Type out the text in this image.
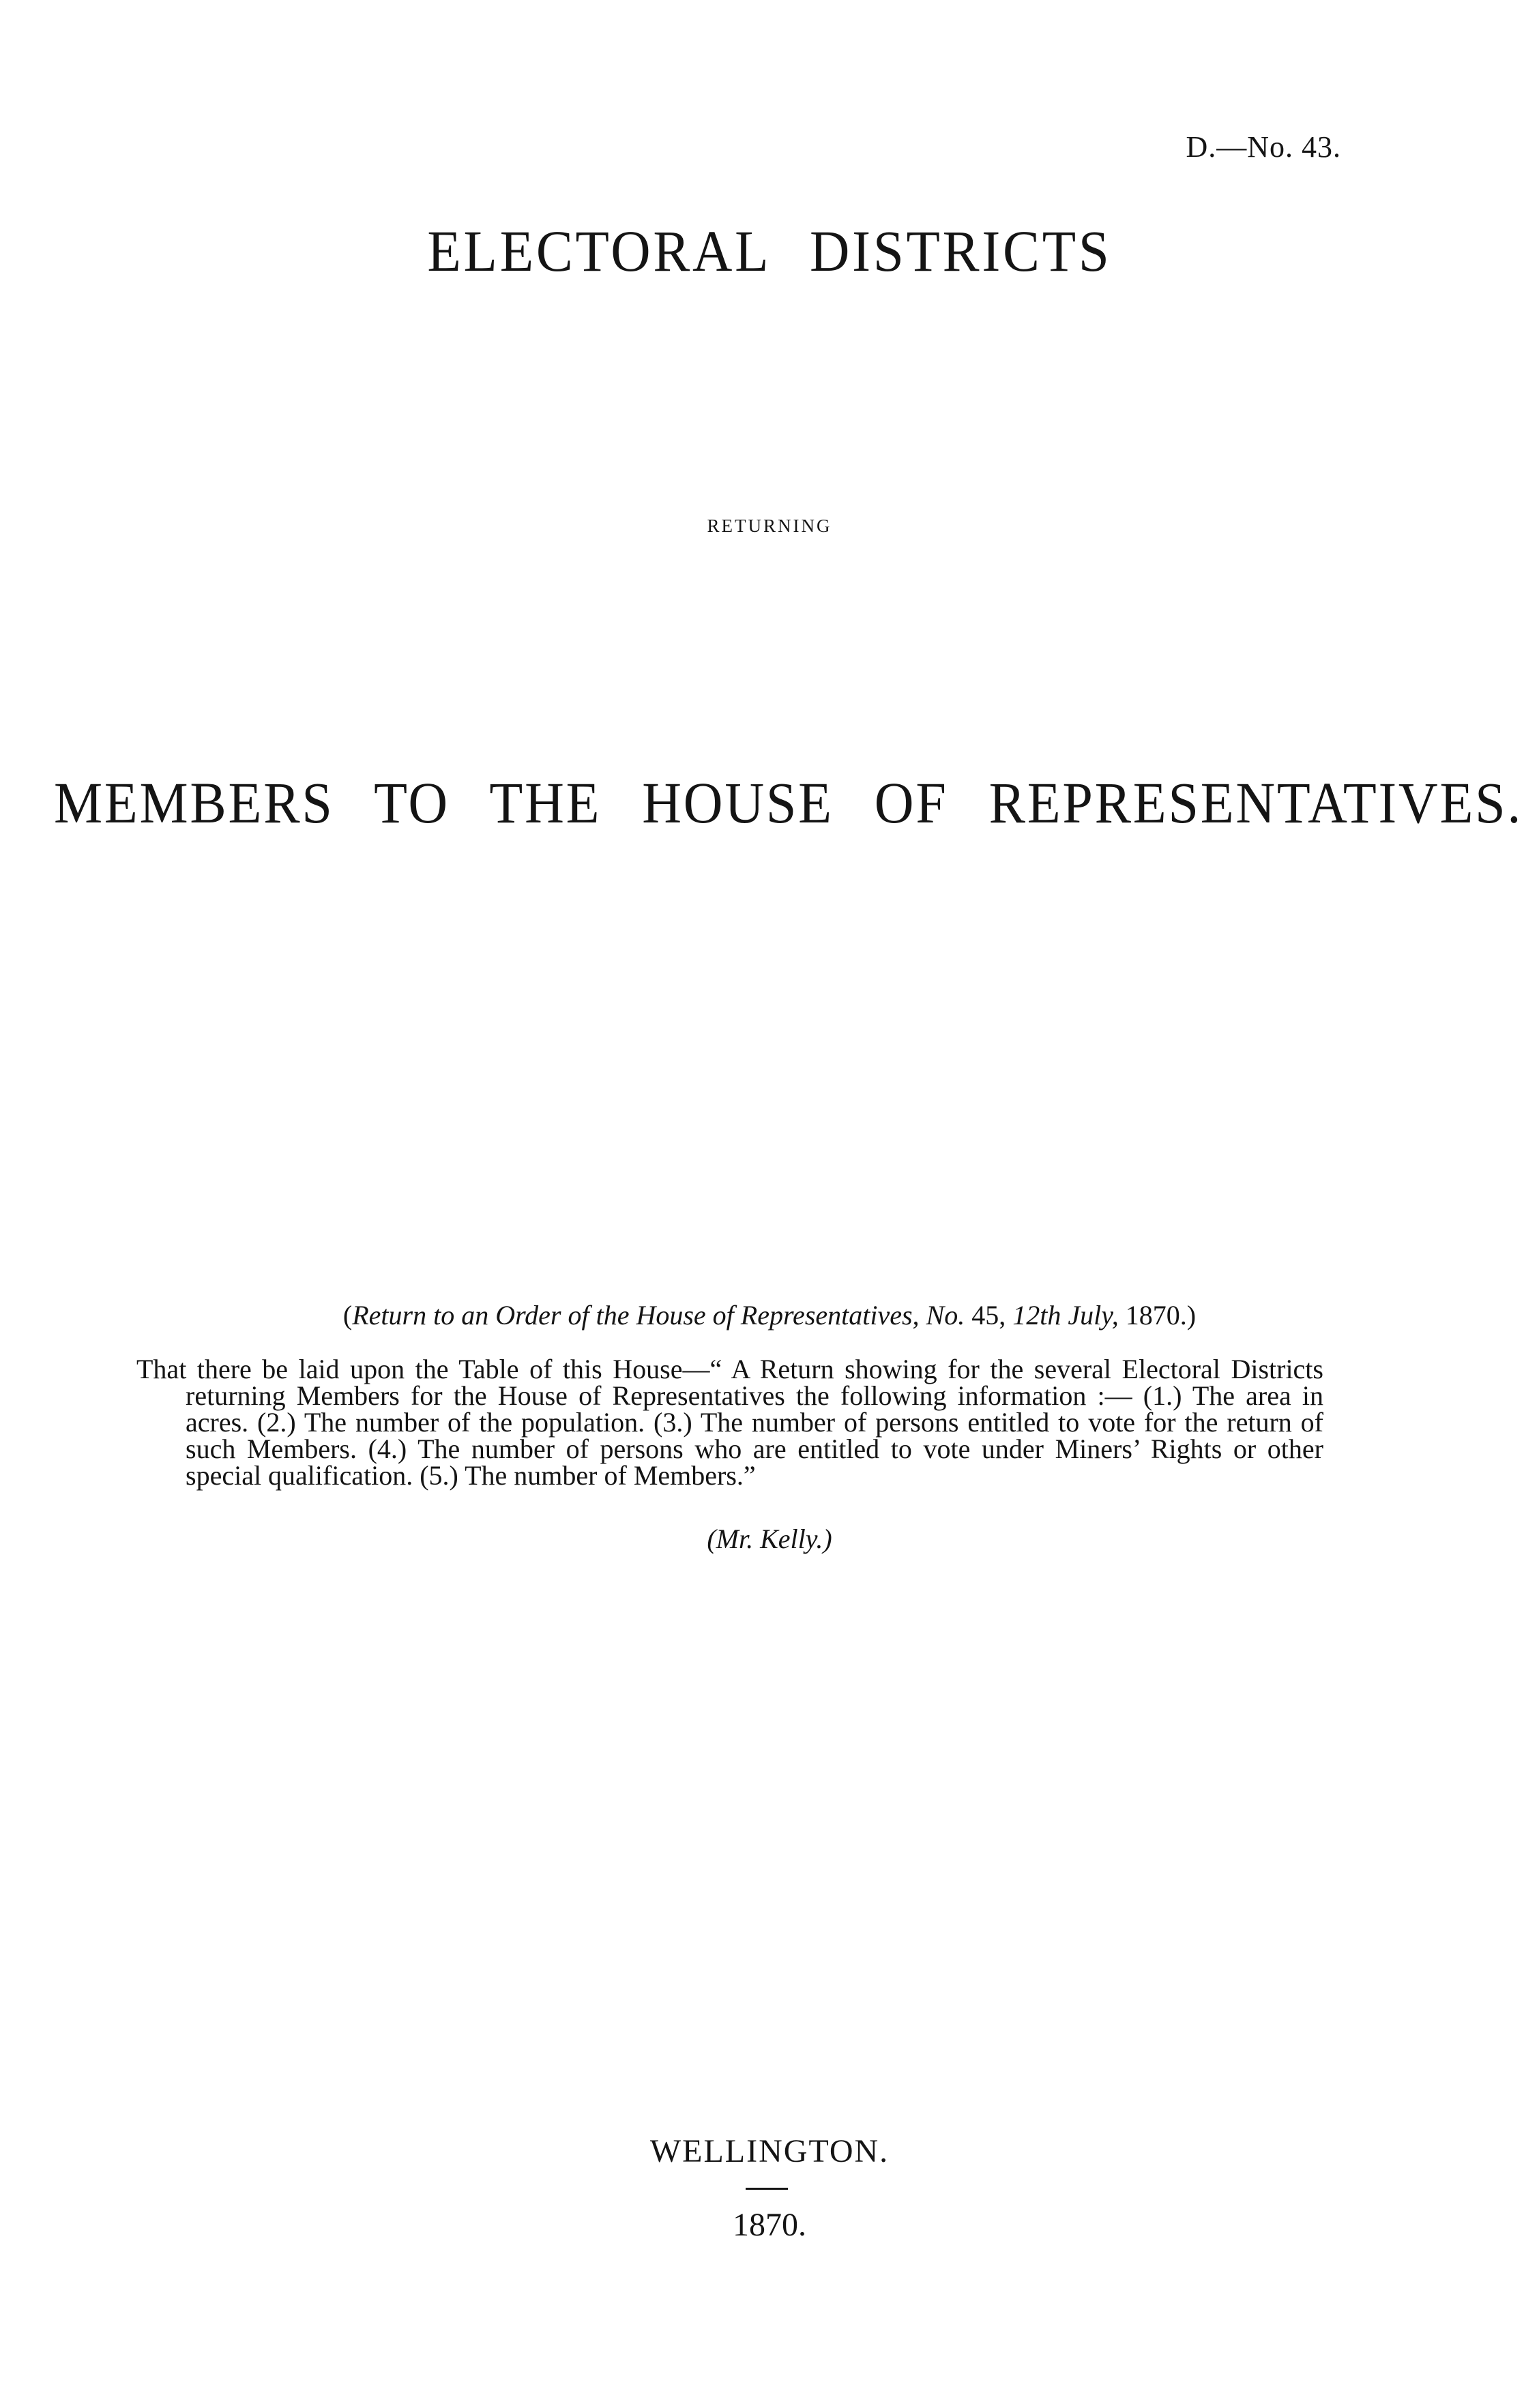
D.—No. 43.
ELECTORAL DISTRICTS
RETURNING
MEMBERS TO THE HOUSE OF REPRESENTATIVES.
(Return to an Order of the House of Representatives, No. 45, 12th July, 1870.)

That there be laid upon the Table of this House—“ A Return showing for the several Electoral Districts returning Members for the House of Representatives the following information :— (1.) The area in acres. (2.) The number of the population. (3.) The number of persons entitled to vote for the return of such Members. (4.) The number of persons who are entitled to vote under Miners’ Rights or other special qualification. (5.) The number of Members.”

(Mr. Kelly.)
WELLINGTON.
1870.
